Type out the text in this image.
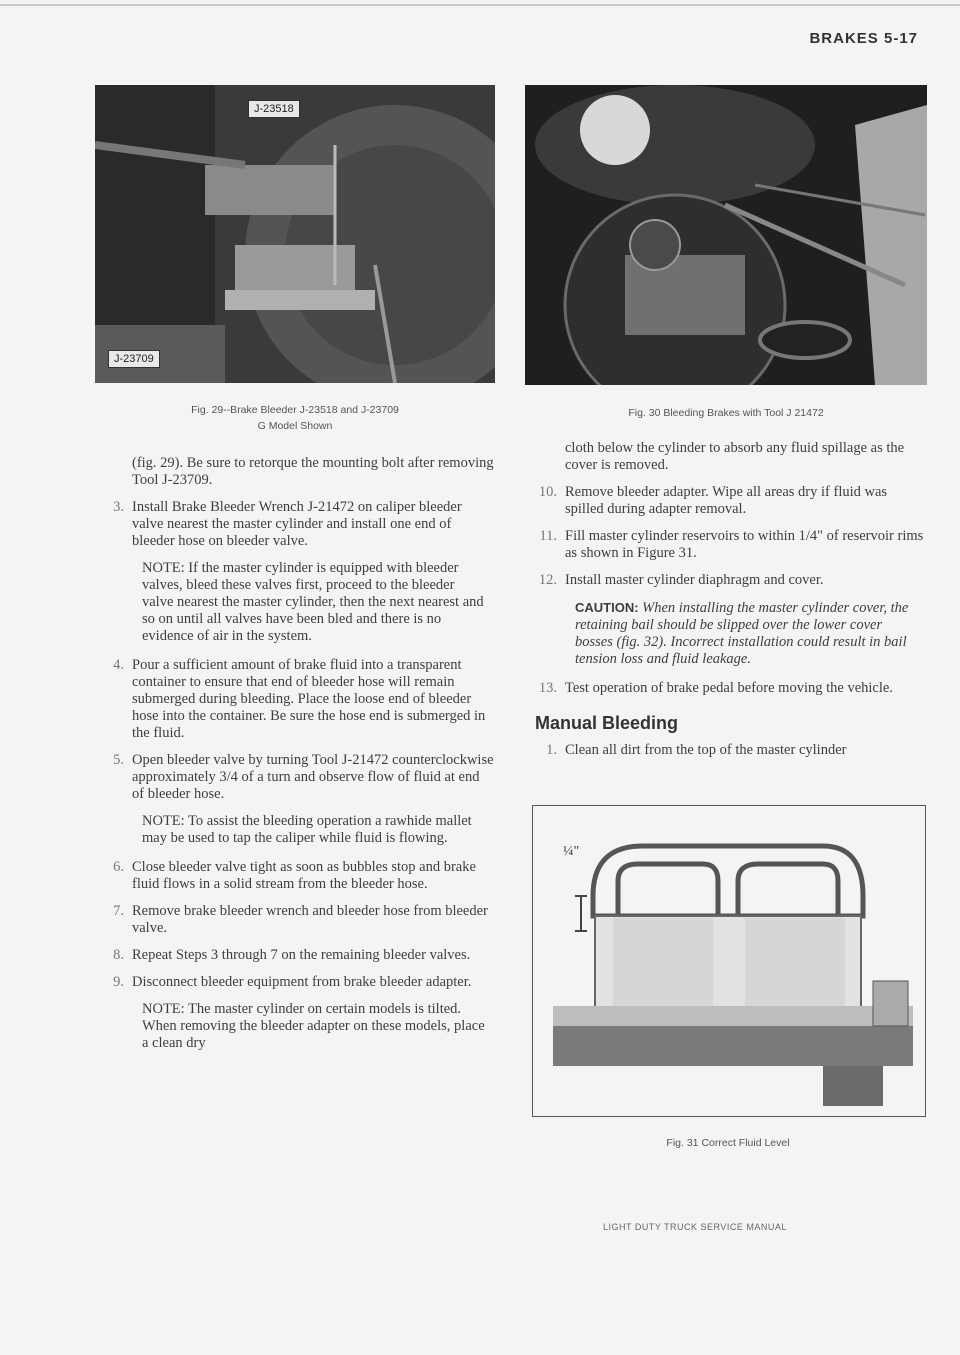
BRAKES 5-17
J-23518
J-23709
Fig. 29--Brake Bleeder J-23518 and J-23709
G Model Shown
Fig. 30 Bleeding Brakes with Tool J 21472

(fig. 29). Be sure to retorque the mounting bolt after removing Tool J-23709.

3. Install Brake Bleeder Wrench J-21472 on caliper bleeder valve nearest the master cylinder and install one end of bleeder hose on bleeder valve.

NOTE: If the master cylinder is equipped with bleeder valves, bleed these valves first, proceed to the bleeder valve nearest the master cylinder, then the next nearest and so on until all valves have been bled and there is no evidence of air in the system.

4. Pour a sufficient amount of brake fluid into a transparent container to ensure that end of bleeder hose will remain submerged during bleeding. Place the loose end of bleeder hose into the container. Be sure the hose end is submerged in the fluid.
5. Open bleeder valve by turning Tool J-21472 counterclockwise approximately 3/4 of a turn and observe flow of fluid at end of bleeder hose.

NOTE: To assist the bleeding operation a rawhide mallet may be used to tap the caliper while fluid is flowing.

6. Close bleeder valve tight as soon as bubbles stop and brake fluid flows in a solid stream from the bleeder hose.
7. Remove brake bleeder wrench and bleeder hose from bleeder valve.
8. Repeat Steps 3 through 7 on the remaining bleeder valves.
9. Disconnect bleeder equipment from brake bleeder adapter.

NOTE: The master cylinder on certain models is tilted. When removing the bleeder adapter on these models, place a clean dry

cloth below the cylinder to absorb any fluid spillage as the cover is removed.

10. Remove bleeder adapter. Wipe all areas dry if fluid was spilled during adapter removal.
11. Fill master cylinder reservoirs to within 1/4" of reservoir rims as shown in Figure 31.
12. Install master cylinder diaphragm and cover.

CAUTION: When installing the master cylinder cover, the retaining bail should be slipped over the lower cover bosses (fig. 32). Incorrect installation could result in bail tension loss and fluid leakage.

13. Test operation of brake pedal before moving the vehicle.
Manual Bleeding
1. Clean all dirt from the top of the master cylinder
¼"
Fig. 31 Correct Fluid Level
LIGHT DUTY TRUCK SERVICE MANUAL
